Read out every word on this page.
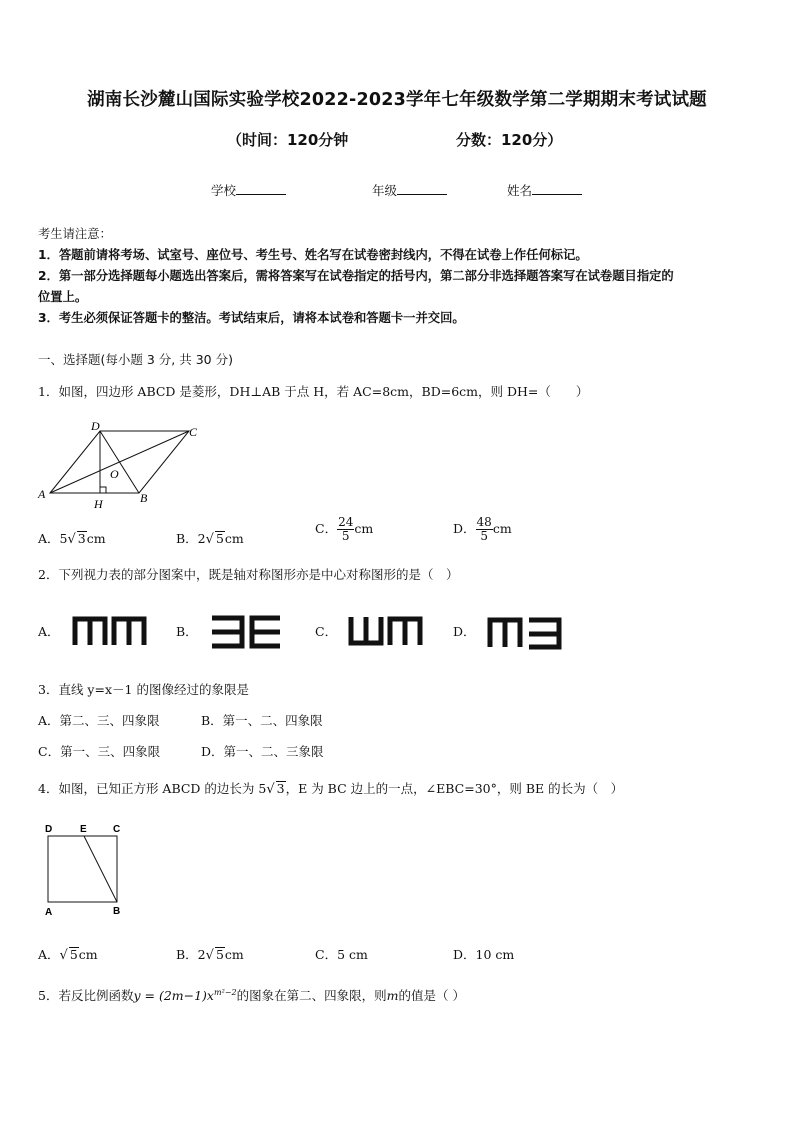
湖南长沙麓山国际实验学校2022-2023学年七年级数学第二学期期末考试试题
（时间：120分钟	分数：120分）
学校	年级	姓名
考生请注意：
1．答题前请将考场、试室号、座位号、考生号、姓名写在试卷密封线内，不得在试卷上作任何标记。
2．第一部分选择题每小题选出答案后，需将答案写在试卷指定的括号内，第二部分非选择题答案写在试卷题目指定的
位置上。
3．考生必须保证答题卡的整洁。考试结束后，请将本试卷和答题卡一并交回。
一、选择题(每小题 3 分, 共 30 分)
1．如图，四边形 ABCD 是菱形，DH⊥AB 于点 H，若 AC=8cm，BD=6cm，则 DH=（　　）
A	B
C
D
O
H
A．5√ 3cm	B．2√ 5cm
C． $\frac{24}{5}$ cm	D． $\frac{48}{5}$ cm
2．下列视力表的部分图案中，既是轴对称图形亦是中心对称图形的是（　）
A．	B．	C．	D．
3．直线 y=x－1 的图像经过的象限是
A．第二、三、四象限	B．第一、二、四象限
C．第一、三、四象限	D．第一、二、三象限
4．如图，已知正方形 ABCD 的边长为 5√ 3，E 为 BC 边上的一点，∠EBC=30°，则 BE 的长为（　）
D	E	C
A	B
A．√ 5cm	B．2√ 5cm	C．5 cm	D．10 cm
5．若反比例函数$y = (2m-1)x^{m^2-2}$的图象在第二、四象限，则m的值是（ ）
